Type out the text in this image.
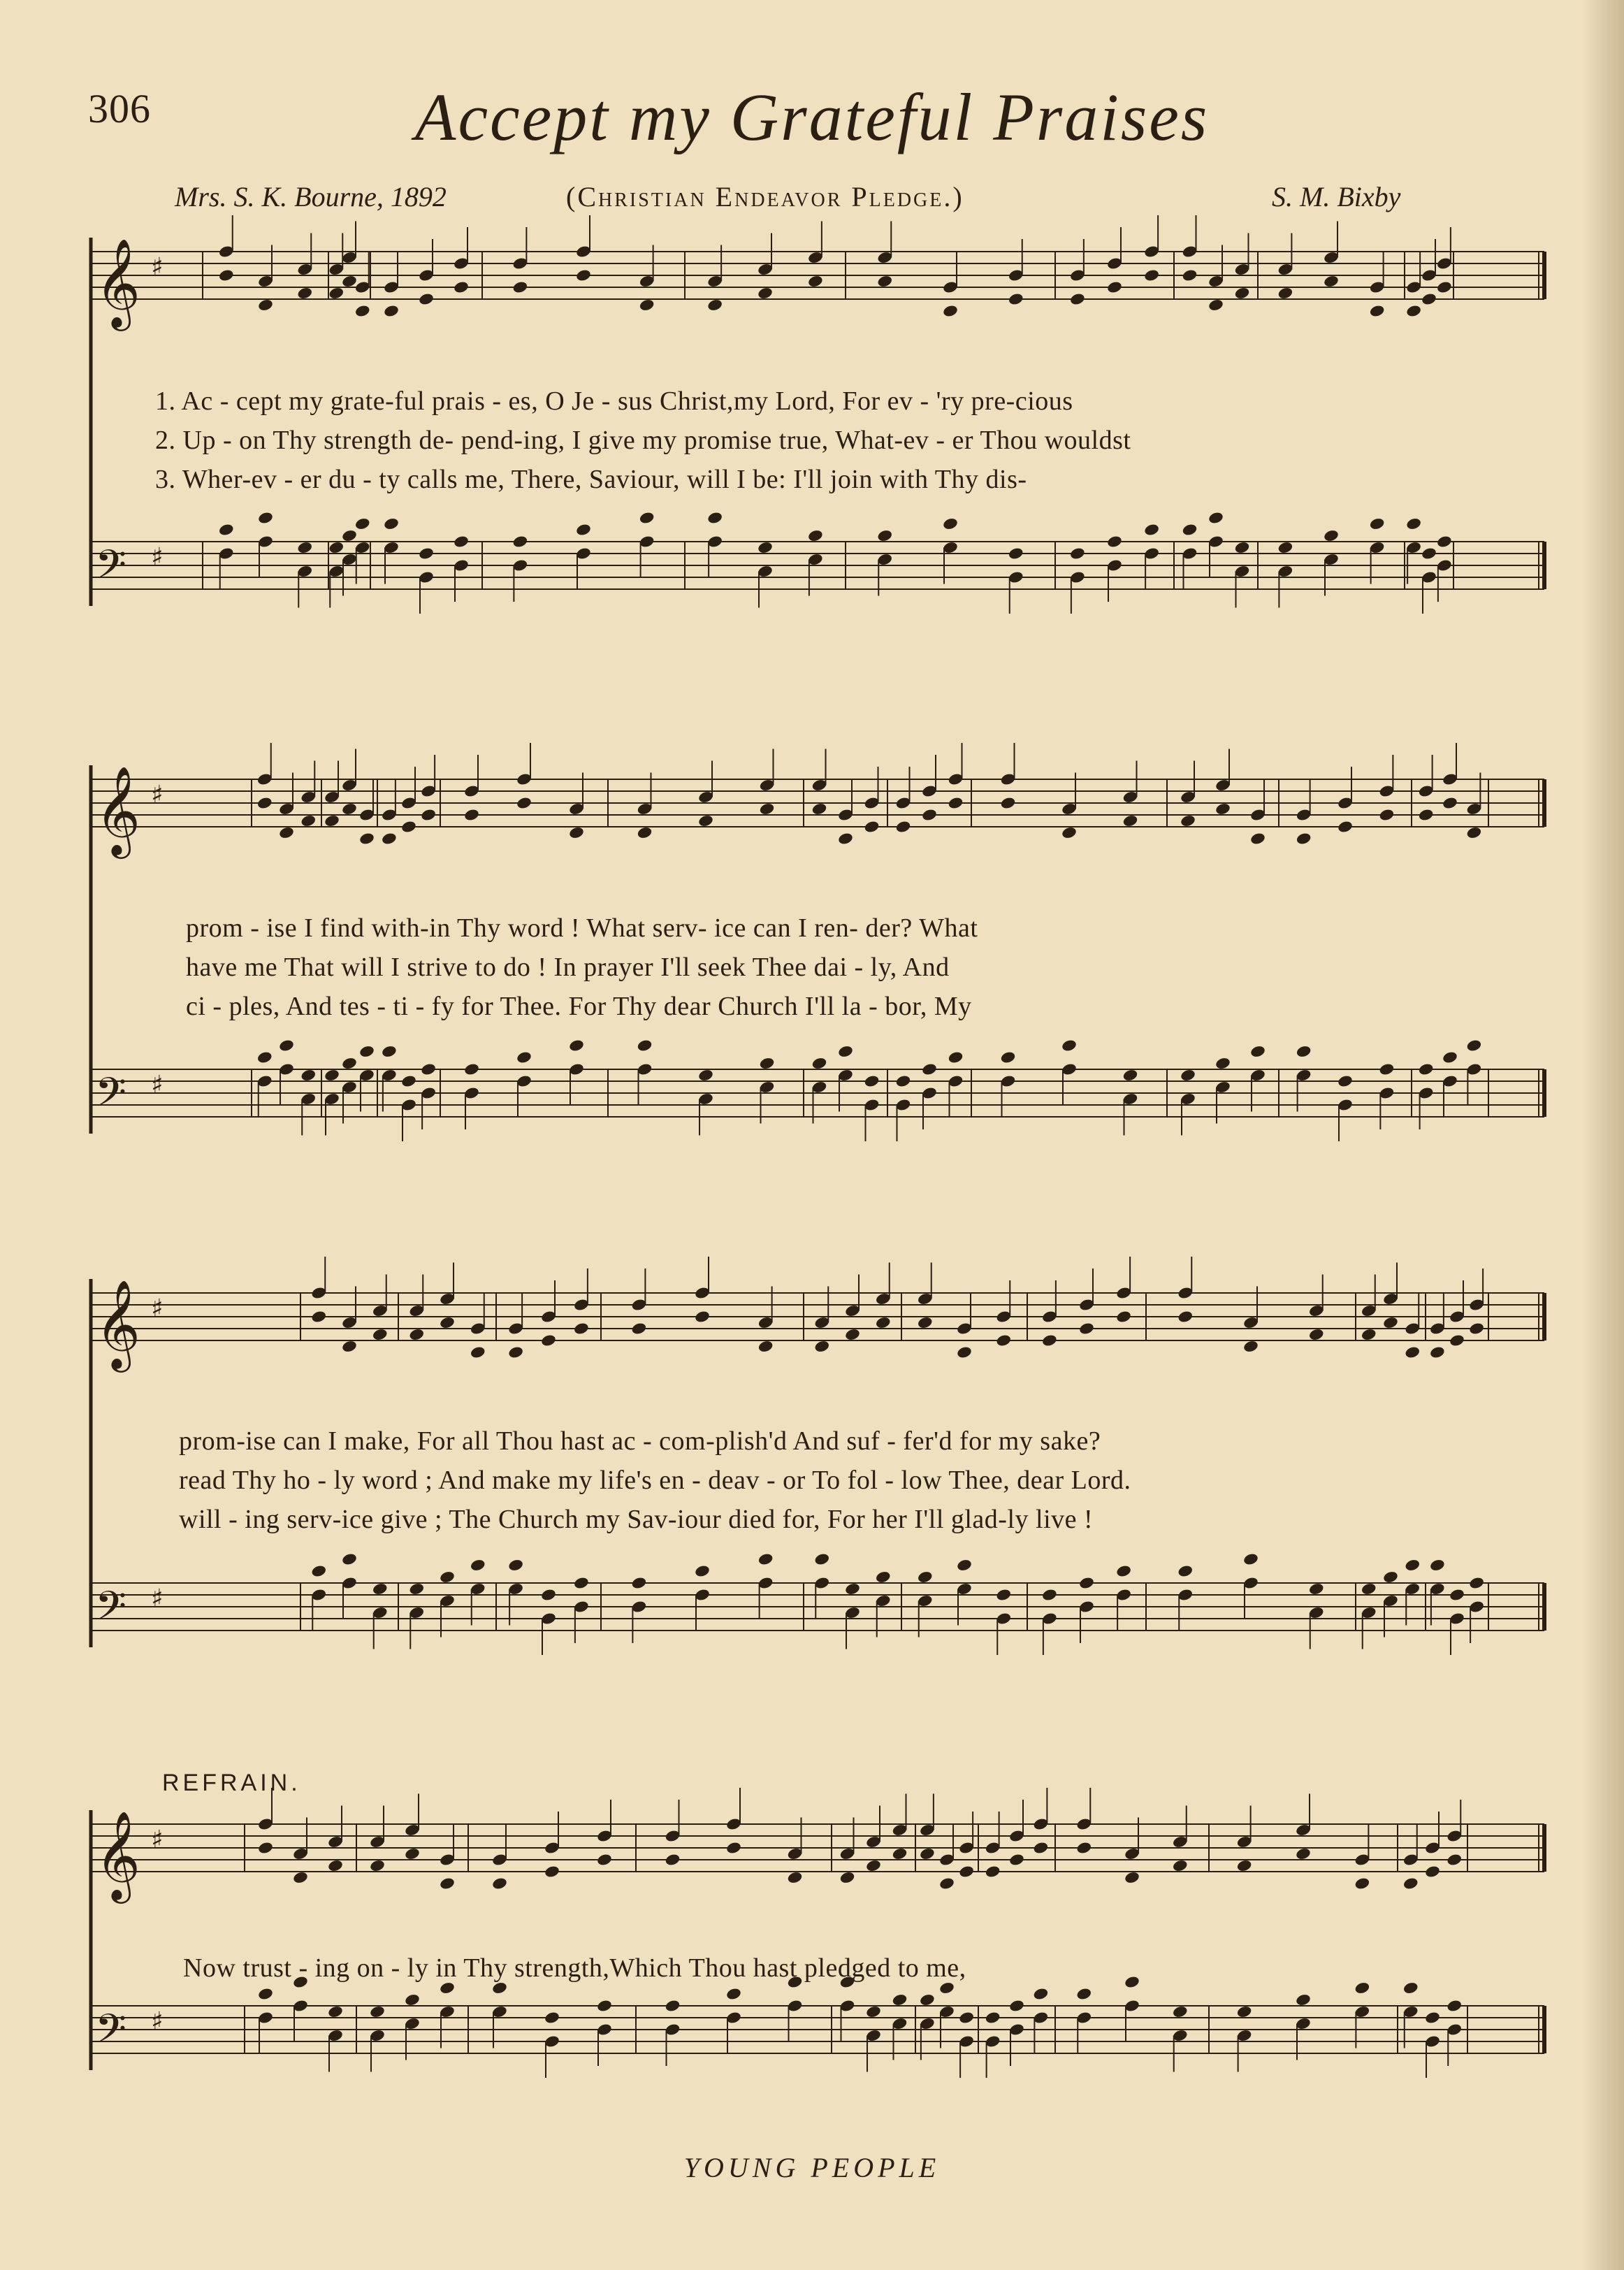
306	Accept my Grateful Praises
Mrs. S. K. Bourne, 1892	(Christian Endeavor Pledge.)	S. M. Bixby
𝄞 ♯
𝄢 ♯
1. Ac - cept my grate-ful prais - es, O Je - sus Christ,my Lord, For ev - 'ry pre-cious
2. Up - on Thy strength de- pend-ing, I give my promise true, What-ev - er Thou wouldst
3. Wher-ev - er du - ty calls me, There, Saviour, will I be: I'll join with Thy dis-
𝄞 ♯
𝄢 ♯
prom - ise I find with-in Thy word ! What serv- ice can I ren- der? What
have me That will I strive to do ! In prayer I'll seek Thee dai - ly, And
ci - ples, And tes - ti - fy for Thee. For Thy dear Church I'll la - bor, My
𝄞 ♯
𝄢 ♯
prom-ise can I make, For all Thou hast ac - com-plish'd And suf - fer'd for my sake?
read Thy ho - ly word ; And make my life's en - deav - or To fol - low Thee, dear Lord.
will - ing serv-ice give ; The Church my Sav-iour died for, For her I'll glad-ly live !
REFRAIN.
𝄞 ♯
𝄢 ♯
Now trust - ing on - ly in Thy strength,Which Thou hast pledged to me,
YOUNG PEOPLE
